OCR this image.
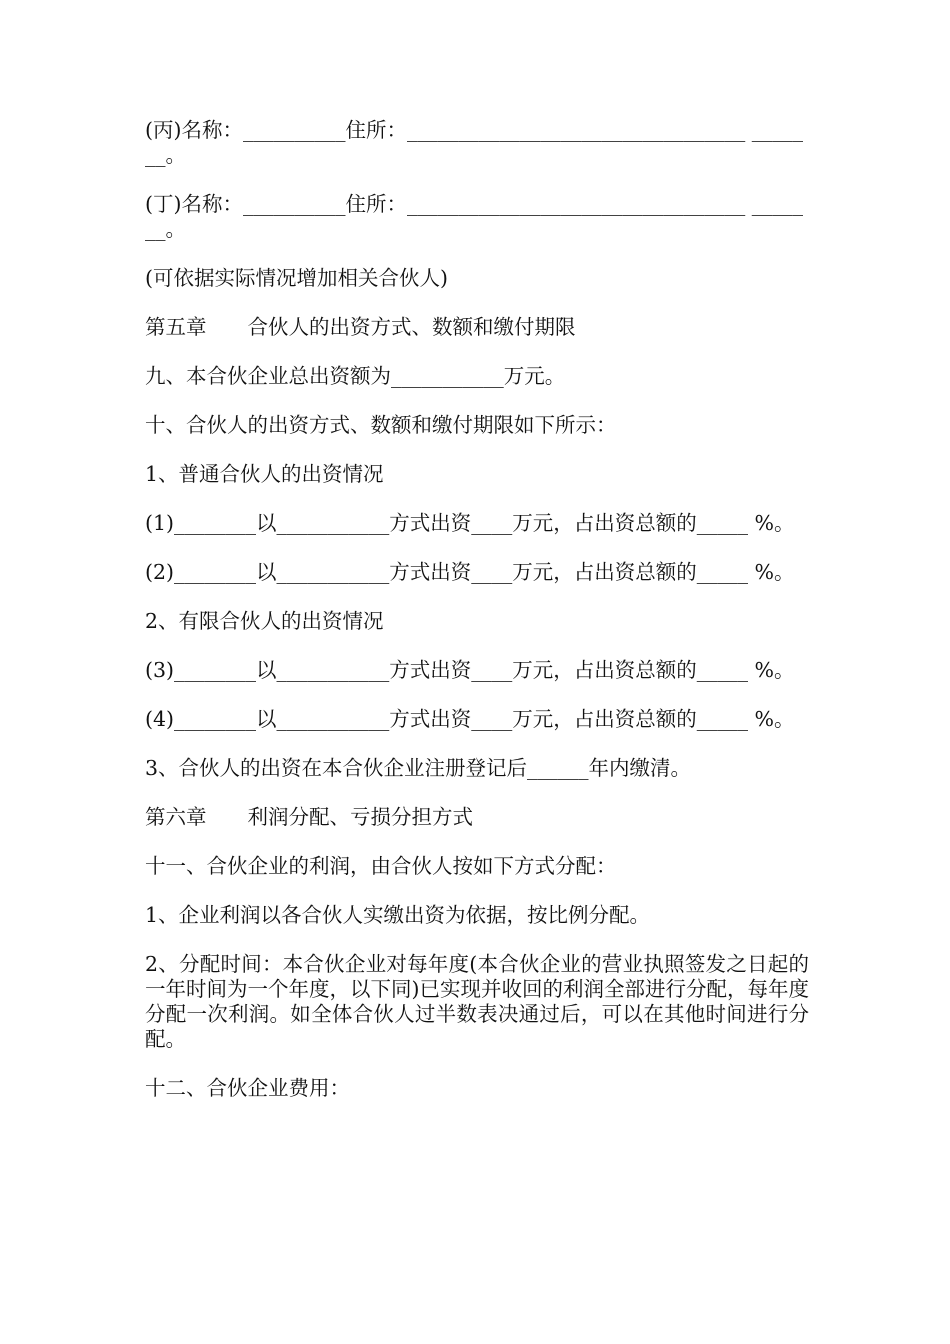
(丙)名称：__________住所：_________________________________ _______。

(丁)名称：__________住所：_________________________________ _______。

(可依据实际情况增加相关合伙人)

第五章　　合伙人的出资方式、数额和缴付期限

九、本合伙企业总出资额为___________万元。

十、合伙人的出资方式、数额和缴付期限如下所示：

1、普通合伙人的出资情况

(1)________以___________方式出资____万元，占出资总额的_____ %。

(2)________以___________方式出资____万元，占出资总额的_____ %。

2、有限合伙人的出资情况

(3)________以___________方式出资____万元，占出资总额的_____ %。

(4)________以___________方式出资____万元，占出资总额的_____ %。

3、合伙人的出资在本合伙企业注册登记后______年内缴清。

第六章　　利润分配、亏损分担方式

十一、合伙企业的利润，由合伙人按如下方式分配：

1、企业利润以各合伙人实缴出资为依据，按比例分配。

2、分配时间：本合伙企业对每年度(本合伙企业的营业执照签发之日起的一年时间为一个年度，以下同)已实现并收回的利润全部进行分配，每年度分配一次利润。如全体合伙人过半数表决通过后，可以在其他时间进行分配。

十二、合伙企业费用：
